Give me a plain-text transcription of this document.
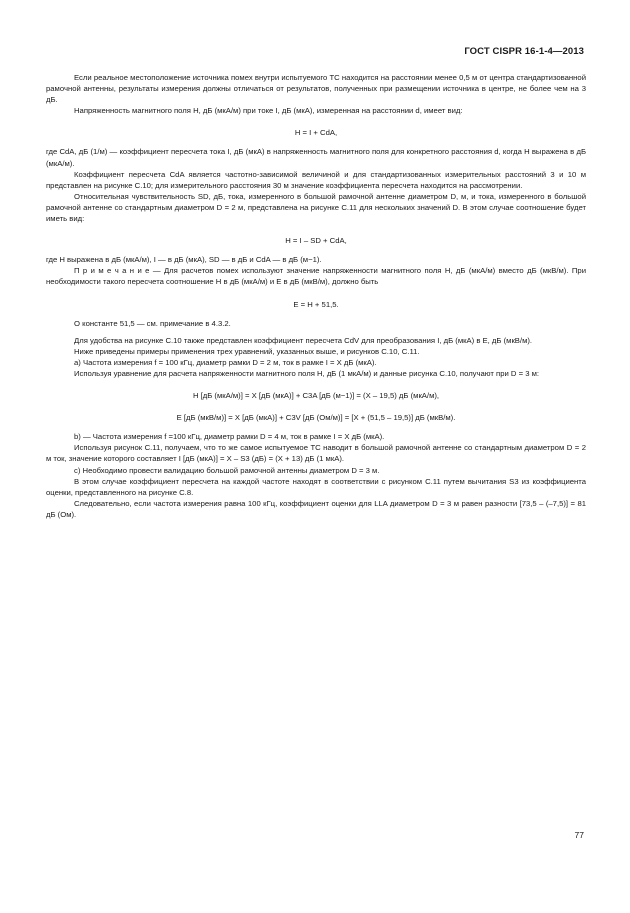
ГОСТ CISPR 16-1-4—2013

Если реальное местоположение источника помех внутри испытуемого ТС находится на расстоянии менее 0,5 м от центра стандартизованной рамочной антенны, результаты измерения должны отличаться от результатов, полученных при размещении источника в центре, не более чем на 3 дБ.

Напряженность магнитного поля H, дБ (мкА/м) при токе I, дБ (мкА), измеренная на расстоянии d, имеет вид:

H = I + CdA,

где CdA, дБ (1/м) — коэффициент пересчета тока I, дБ (мкА) в напряженность магнитного поля для конкретного расстояния d, когда H выражена в дБ (мкА/м).

Коэффициент пересчета CdA является частотно-зависимой величиной и для стандартизованных измерительных расстояний 3 и 10 м представлен на рисунке С.10; для измерительного расстояния 30 м значение коэффициента пересчета находится на рассмотрении.

Относительная чувствительность SD, дБ, тока, измеренного в большой рамочной антенне диаметром D, м, и тока, измеренного в большой рамочной антенне со стандартным диаметром D = 2 м, представлена на рисунке С.11 для нескольких значений D. В этом случае соотношение будет иметь вид:

H = I – SD + CdA,

где H выражена в дБ (мкА/м), I — в дБ (мкА), SD — в дБ и CdA — в дБ (м−1).

П р и м е ч а н и е — Для расчетов помех используют значение напряженности магнитного поля H, дБ (мкА/м) вместо дБ (мкВ/м). При необходимости такого пересчета соотношение H в дБ (мкА/м) и E в дБ (мкВ/м), должно быть

E = H + 51,5.

О константе 51,5 — см. примечание в 4.3.2.

Для удобства на рисунке С.10 также представлен коэффициент пересчета CdV для преобразования I, дБ (мкА) в E, дБ (мкВ/м).

Ниже приведены примеры применения трех уравнений, указанных выше, и рисунков С.10, С.11.

а) Частота измерения f = 100 кГц, диаметр рамки D = 2 м, ток в рамке I = X дБ (мкА).

Используя уравнение для расчета напряженности магнитного поля H, дБ (1 мкА/м) и данные рисунка С.10, получают при D = 3 м:

H [дБ (мкА/м)] = X [дБ (мкА)] + C3A [дБ (м−1)] = (X – 19,5) дБ (мкА/м),

E [дБ (мкВ/м)] = X [дБ (мкА)] + C3V [дБ (Ом/м)] = [X + (51,5 – 19,5)] дБ (мкВ/м).

b) — Частота измерения f =100 кГц, диаметр рамки D = 4 м, ток в рамке I = X дБ (мкА).

Используя рисунок С.11, получаем, что то же самое испытуемое ТС наводит в большой рамочной антенне со стандартным диаметром D = 2 м ток, значение которого составляет I [дБ (мкА)] = X – S3 (дБ) = (X + 13) дБ (1 мкА).

с) Необходимо провести валидацию большой рамочной антенны диаметром D = 3 м.

В этом случае коэффициент пересчета на каждой частоте находят в соответствии с рисунком С.11 путем вычитания S3 из коэффициента оценки, представленного на рисунке С.8.

Следовательно, если частота измерения равна 100 кГц, коэффициент оценки для LLA диаметром D = 3 м равен разности [73,5 – (–7,5)] = 81 дБ (Ом).

77
